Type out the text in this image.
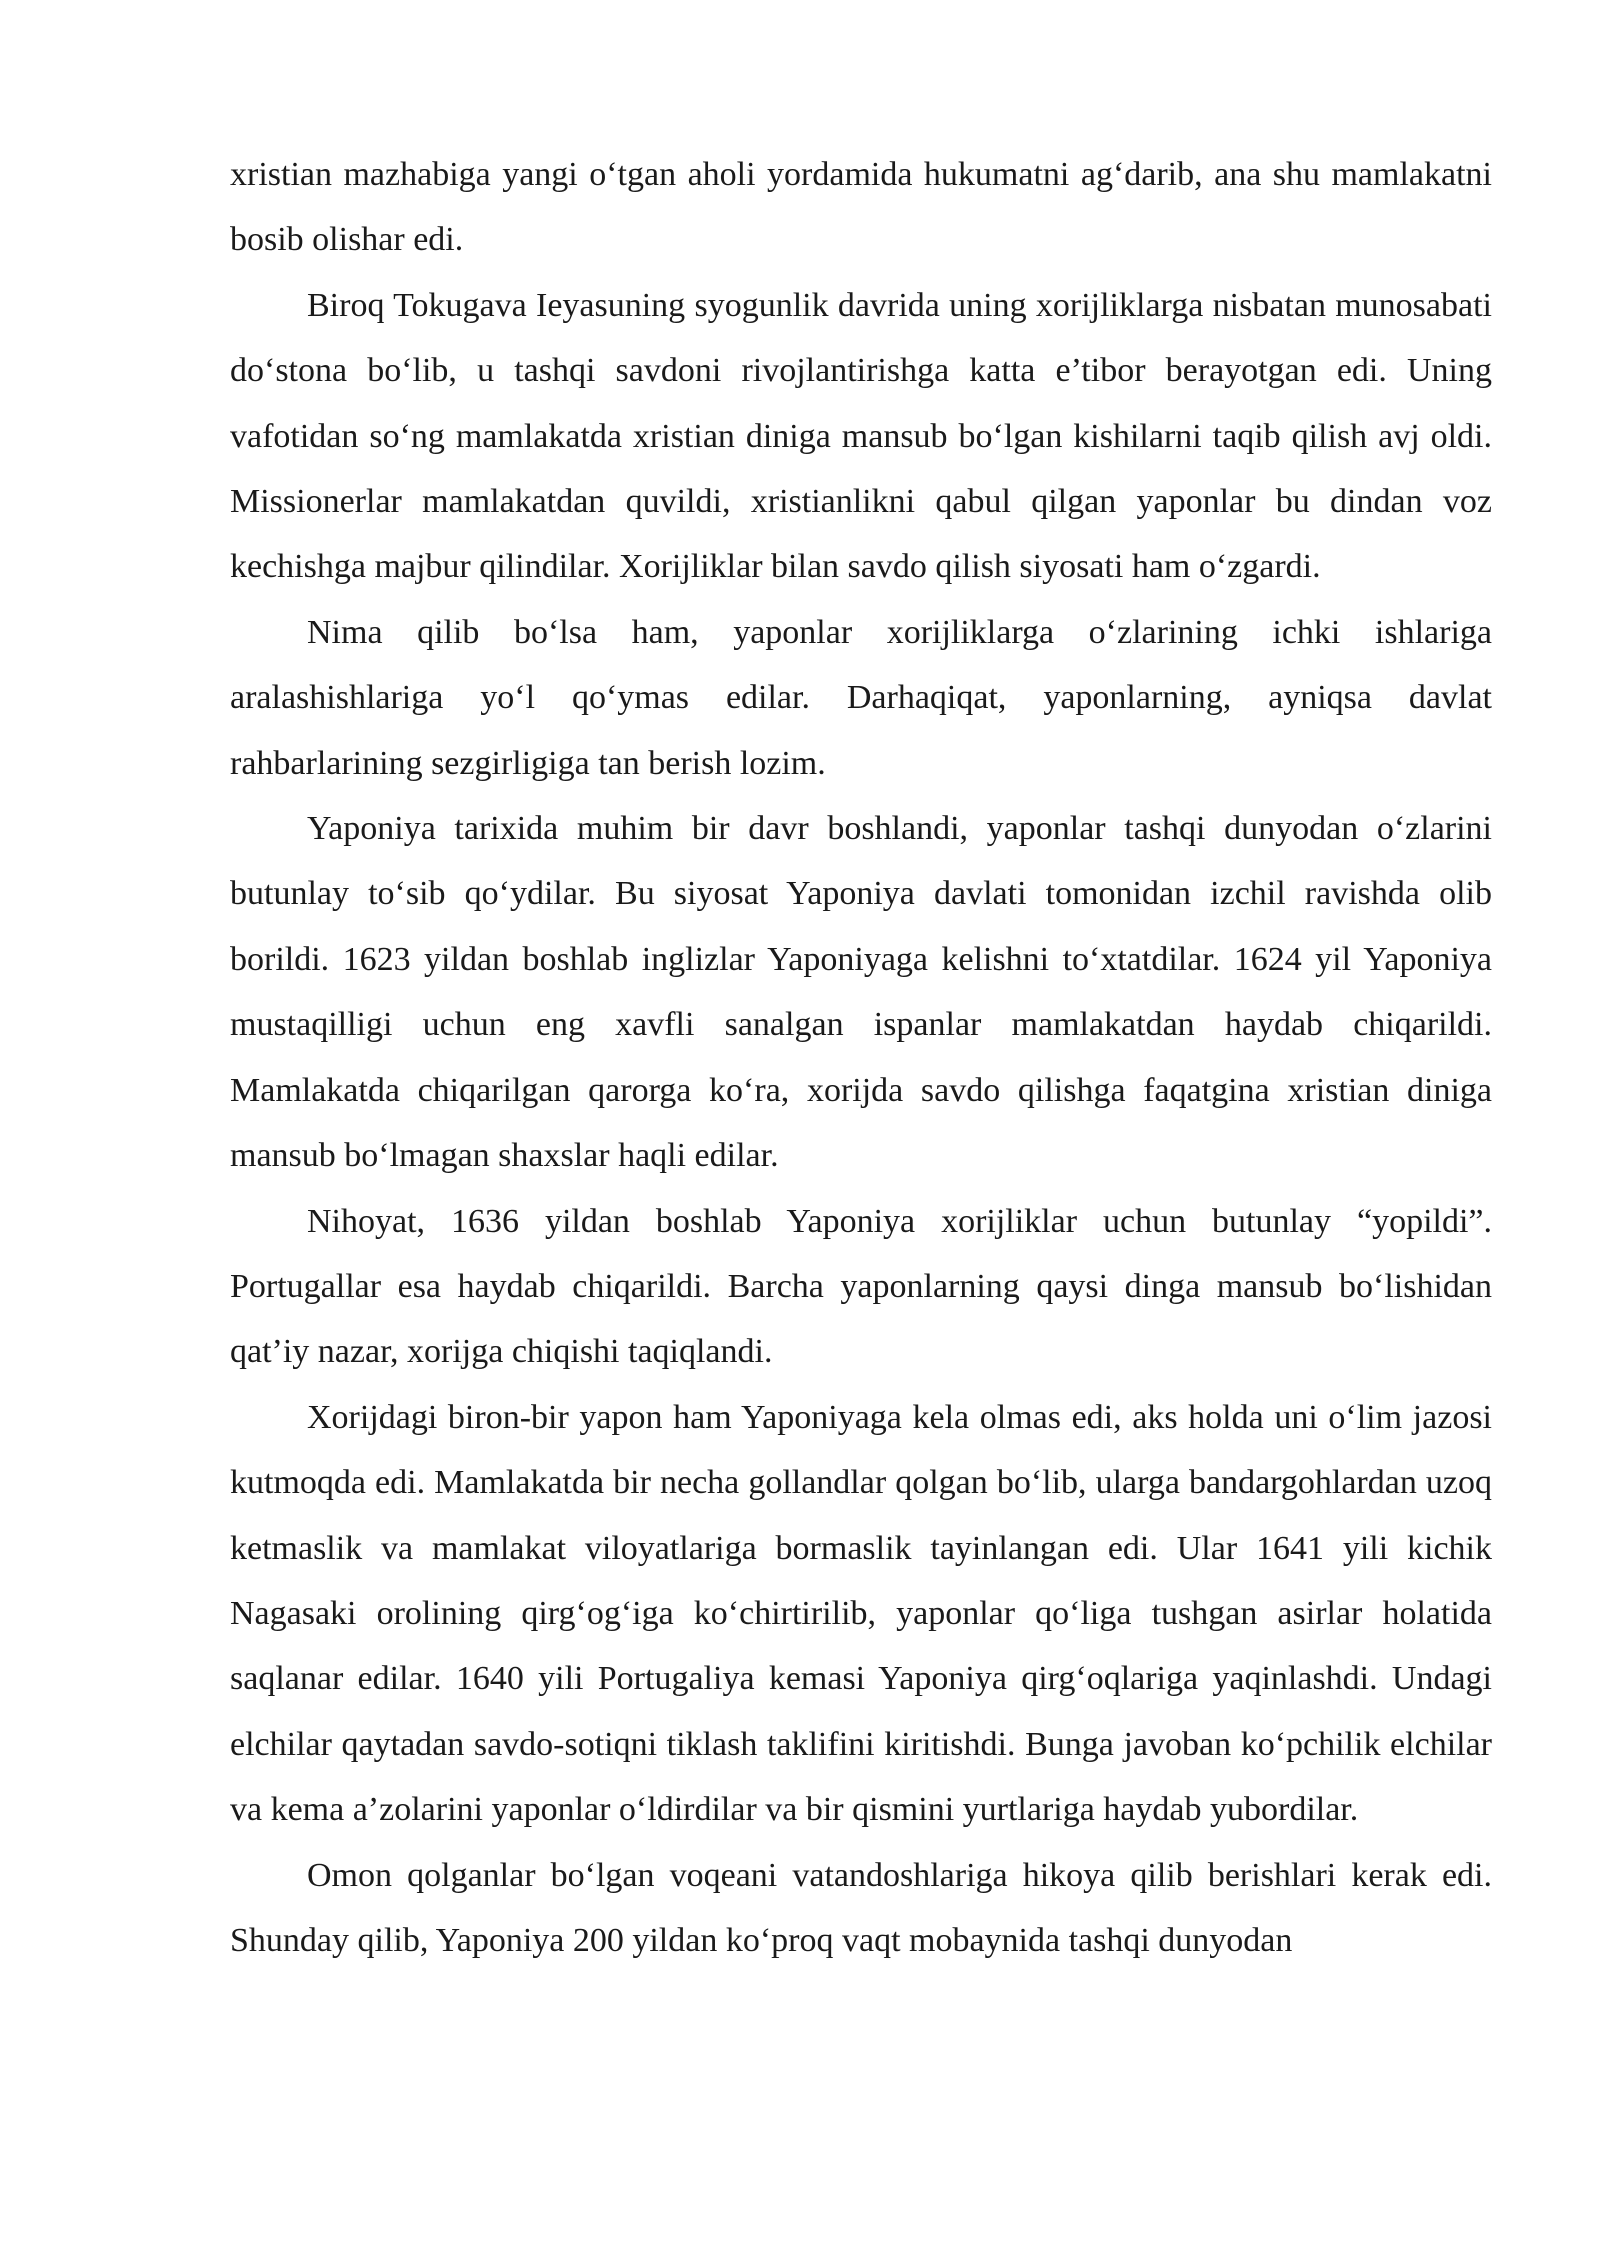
xristian mazhabiga yangi o‘tgan aholi yordamida hukumatni ag‘darib, ana shu mamlakatni bosib olishar edi.

Biroq Tokugava Ieyasuning syogunlik davrida uning xorijliklarga nisbatan munosabati do‘stona bo‘lib, u tashqi savdoni rivojlantirishga katta e’tibor berayotgan edi. Uning vafotidan so‘ng mamlakatda xristian diniga mansub bo‘lgan kishilarni taqib qilish avj oldi. Missionerlar mamlakatdan quvildi, xristianlikni qabul qilgan yaponlar bu dindan voz kechishga majbur qilindilar. Xorijliklar bilan savdo qilish siyosati ham o‘zgardi.

Nima qilib bo‘lsa ham, yaponlar xorijliklarga o‘zlarining ichki ishlariga aralashishlariga yo‘l qo‘ymas edilar. Darhaqiqat, yaponlarning, ayniqsa davlat rahbarlarining sezgirligiga tan berish lozim.

Yaponiya tarixida muhim bir davr boshlandi, yaponlar tashqi dunyodan o‘zlarini butunlay to‘sib qo‘ydilar. Bu siyosat Yaponiya davlati tomonidan izchil ravishda olib borildi. 1623 yildan boshlab inglizlar Yaponiyaga kelishni to‘xtatdilar. 1624 yil Yaponiya mustaqilligi uchun eng xavfli sanalgan ispanlar mamlakatdan haydab chiqarildi. Mamlakatda chiqarilgan qarorga ko‘ra, xorijda savdo qilishga faqatgina xristian diniga mansub bo‘lmagan shaxslar haqli edilar.

Nihoyat, 1636 yildan boshlab Yaponiya xorijliklar uchun butunlay “yopildi”. Portugallar esa haydab chiqarildi. Barcha yaponlarning qaysi dinga mansub bo‘lishidan qat’iy nazar, xorijga chiqishi taqiqlandi.

Xorijdagi biron-bir yapon ham Yaponiyaga kela olmas edi, aks holda uni o‘lim jazosi kutmoqda edi. Mamlakatda bir necha gollandlar qolgan bo‘lib, ularga bandargohlardan uzoq ketmaslik va mamlakat viloyatlariga bormaslik tayinlangan edi. Ular 1641 yili kichik Nagasaki orolining qirg‘og‘iga ko‘chirtirilib, yaponlar qo‘liga tushgan asirlar holatida saqlanar edilar. 1640 yili Portugaliya kemasi Yaponiya qirg‘oqlariga yaqinlashdi. Undagi elchilar qaytadan savdo-sotiqni tiklash taklifini kiritishdi. Bunga javoban ko‘pchilik elchilar va kema a’zolarini yaponlar o‘ldirdilar va bir qismini yurtlariga haydab yubordilar.

Omon qolganlar bo‘lgan voqeani vatandoshlariga hikoya qilib berishlari kerak edi. Shunday qilib, Yaponiya 200 yildan ko‘proq vaqt mobaynida tashqi dunyodan
